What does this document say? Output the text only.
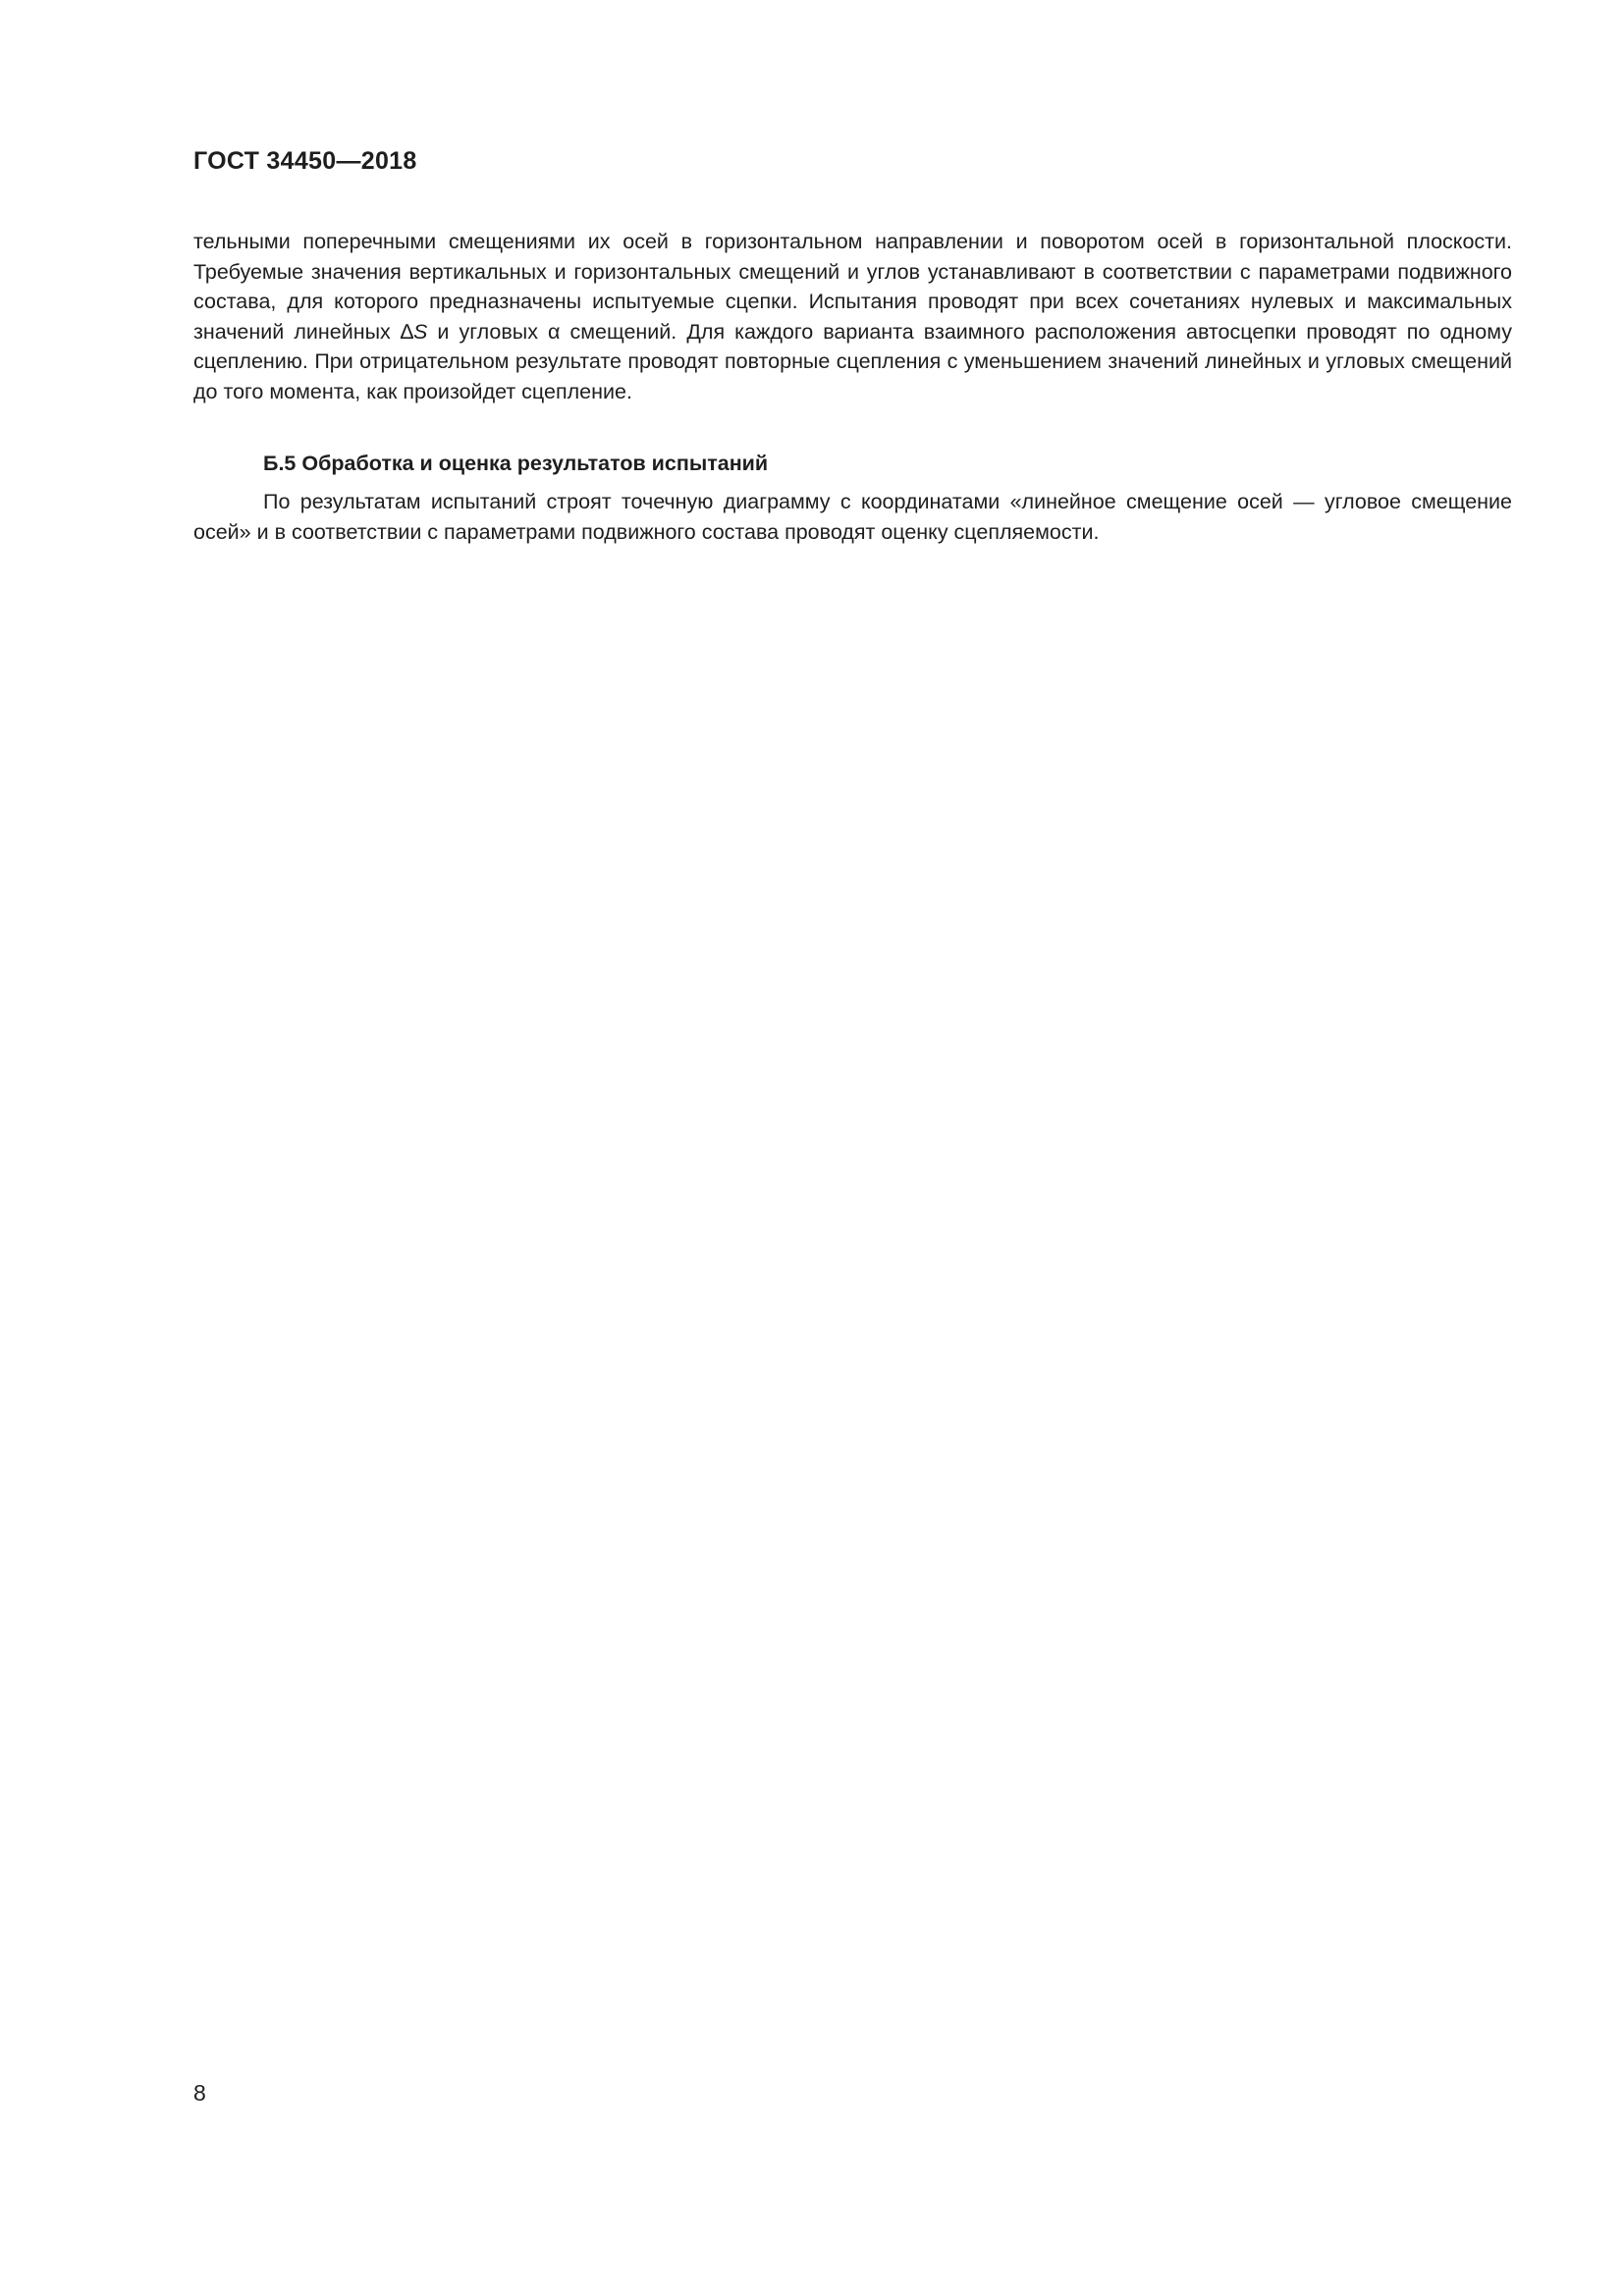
ГОСТ 34450—2018

тельными поперечными смещениями их осей в горизонтальном направлении и поворотом осей в горизонтальной плоскости. Требуемые значения вертикальных и горизонтальных смещений и углов устанавливают в соответствии с параметрами подвижного состава, для которого предназначены испытуемые сцепки. Испытания проводят при всех сочетаниях нулевых и максимальных значений линейных ∆S и угловых α смещений. Для каждого варианта взаимного расположения автосцепки проводят по одному сцеплению. При отрицательном результате проводят повторные сцепления с уменьшением значений линейных и угловых смещений до того момента, как произойдет сцепление.

Б.5 Обработка и оценка результатов испытаний

По результатам испытаний строят точечную диаграмму с координатами «линейное смещение осей — угловое смещение осей» и в соответствии с параметрами подвижного состава проводят оценку сцепляемости.

8
